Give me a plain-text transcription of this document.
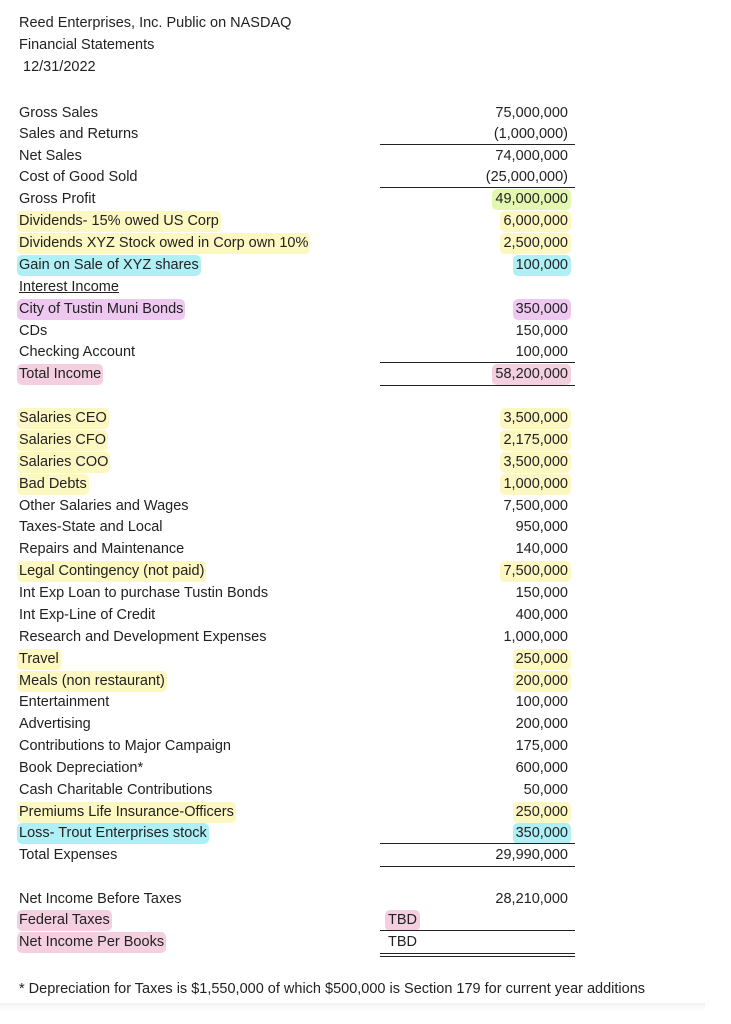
Reed Enterprises, Inc. Public on NASDAQ
Financial Statements
12/31/2022
Gross Sales	75,000,000
Sales and Returns	(1,000,000)
Net Sales	74,000,000
Cost of Good Sold	(25,000,000)
Gross Profit	49,000,000
Dividends- 15% owed US Corp	6,000,000
Dividends XYZ Stock owed in Corp own 10%	2,500,000
Gain on Sale of XYZ shares	100,000
Interest Income
City of Tustin Muni Bonds	350,000
CDs	150,000
Checking Account	100,000
Total Income	58,200,000
Salaries CEO	3,500,000
Salaries CFO	2,175,000
Salaries COO	3,500,000
Bad Debts	1,000,000
Other Salaries and Wages	7,500,000
Taxes-State and Local	950,000
Repairs and Maintenance	140,000
Legal Contingency (not paid)	7,500,000
Int Exp Loan to purchase Tustin Bonds	150,000
Int Exp-Line of Credit	400,000
Research and Development Expenses	1,000,000
Travel	250,000
Meals (non restaurant)	200,000
Entertainment	100,000
Advertising	200,000
Contributions to Major Campaign	175,000
Book Depreciation*	600,000
Cash Charitable Contributions	50,000
Premiums Life Insurance-Officers	250,000
Loss- Trout Enterprises stock	350,000
Total Expenses	29,990,000
Net Income Before Taxes	28,210,000
Federal Taxes	TBD
Net Income Per Books	TBD
* Depreciation for Taxes is $1,550,000 of which $500,000 is Section 179 for current year additions
